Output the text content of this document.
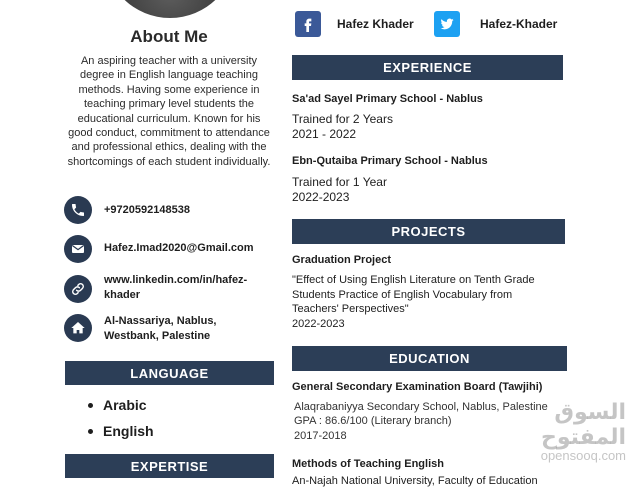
About Me
An aspiring teacher with a university degree in English language teaching methods. Having some experience in teaching primary level students the educational curriculum. Known for his good conduct, commitment to attendance and professional ethics, dealing with the shortcomings of each student individually.
+9720592148538
Hafez.Imad2020@Gmail.com
www.linkedin.com/in/hafez-
khader
Al-Nassariya, Nablus,
Westbank, Palestine
LANGUAGE
Arabic
English
EXPERTISE
Hafez Khader	Hafez-Khader
EXPERIENCE
Sa'ad Sayel Primary School - Nablus
Trained for 2 Years
2021 - 2022
Ebn-Qutaiba Primary School - Nablus
Trained for 1 Year
2022-2023
PROJECTS
Graduation Project
"Effect of Using English Literature on Tenth Grade
Students Practice of English Vocabulary from
Teachers' Perspectives"
2022-2023
EDUCATION
General Secondary Examination Board (Tawjihi)
Alaqrabaniyya Secondary School, Nablus, Palestine
GPA : 86.6/100 (Literary branch)
2017-2018
Methods of Teaching English
An-Najah National University, Faculty of Education
السوق المفتوح
opensooq.com
